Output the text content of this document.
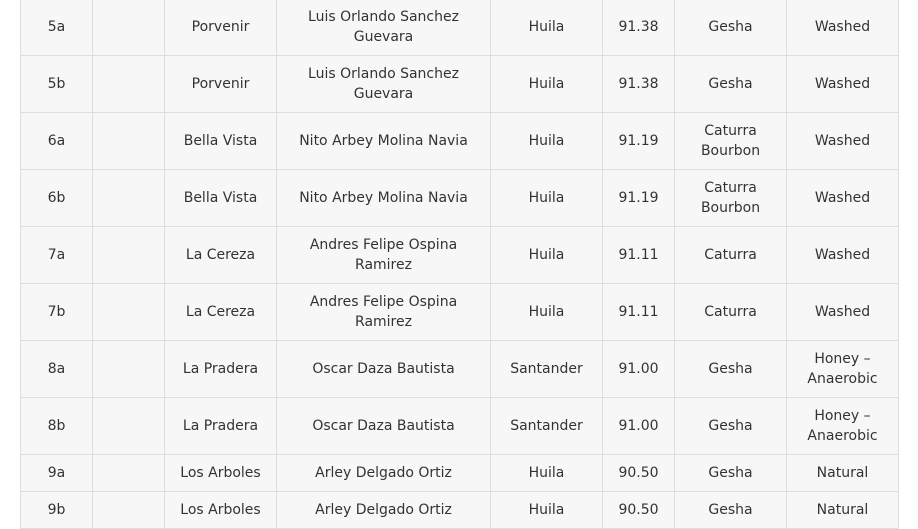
5a		Porvenir	Luis Orlando Sanchez Guevara	Huila	91.38	Gesha	Washed
5b		Porvenir	Luis Orlando Sanchez Guevara	Huila	91.38	Gesha	Washed
6a		Bella Vista	Nito Arbey Molina Navia	Huila	91.19	Caturra Bourbon	Washed
6b		Bella Vista	Nito Arbey Molina Navia	Huila	91.19	Caturra Bourbon	Washed
7a		La Cereza	Andres Felipe Ospina Ramirez	Huila	91.11	Caturra	Washed
7b		La Cereza	Andres Felipe Ospina Ramirez	Huila	91.11	Caturra	Washed
8a		La Pradera	Oscar Daza Bautista	Santander	91.00	Gesha	Honey – Anaerobic
8b		La Pradera	Oscar Daza Bautista	Santander	91.00	Gesha	Honey – Anaerobic
9a		Los Arboles	Arley Delgado Ortiz	Huila	90.50	Gesha	Natural
9b		Los Arboles	Arley Delgado Ortiz	Huila	90.50	Gesha	Natural
